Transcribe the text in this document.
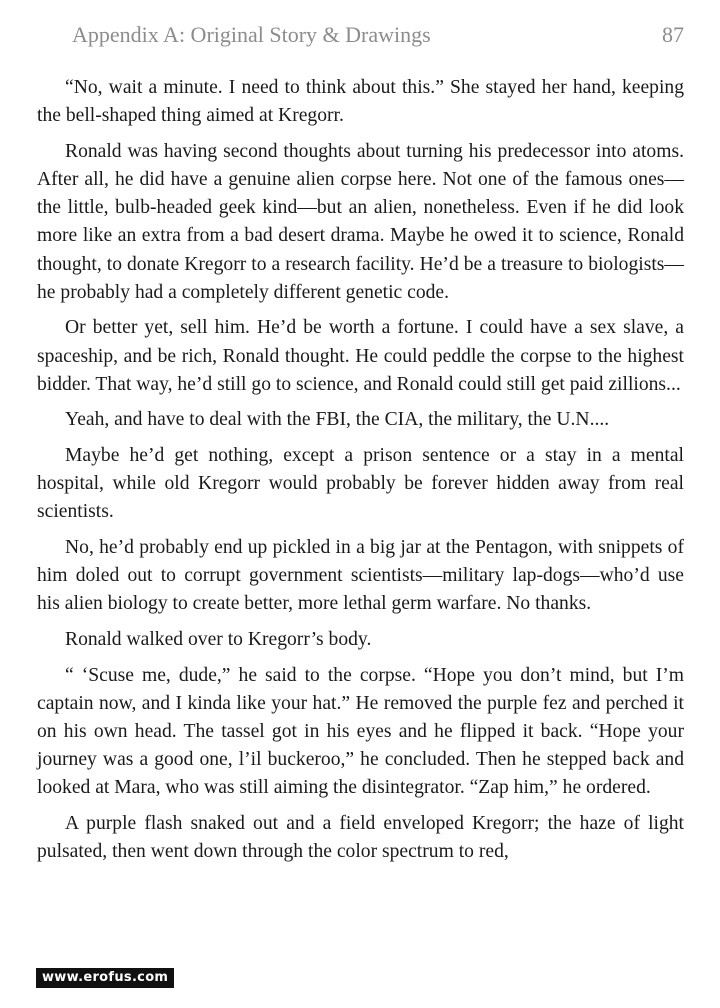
Appendix A: Original Story & Drawings	87

“No, wait a minute. I need to think about this.” She stayed her hand, keeping the bell-shaped thing aimed at Kregorr.

Ronald was having second thoughts about turning his predecessor into atoms. After all, he did have a genuine alien corpse here. Not one of the famous ones—the little, bulb-headed geek kind—but an alien, nonetheless. Even if he did look more like an extra from a bad desert drama. Maybe he owed it to science, Ronald thought, to donate Kregorr to a research facility. He’d be a treasure to biologists—he probably had a completely different genetic code.

Or better yet, sell him. He’d be worth a fortune. I could have a sex slave, a spaceship, and be rich, Ronald thought. He could peddle the corpse to the highest bidder. That way, he’d still go to science, and Ronald could still get paid zillions...

Yeah, and have to deal with the FBI, the CIA, the military, the U.N....

Maybe he’d get nothing, except a prison sentence or a stay in a mental hospital, while old Kregorr would probably be forever hidden away from real scientists.

No, he’d probably end up pickled in a big jar at the Pentagon, with snippets of him doled out to corrupt government scientists—military lap-dogs—who’d use his alien biology to create better, more lethal germ warfare. No thanks.

Ronald walked over to Kregorr’s body.

“ ‘Scuse me, dude,” he said to the corpse. “Hope you don’t mind, but I’m captain now, and I kinda like your hat.” He removed the purple fez and perched it on his own head. The tassel got in his eyes and he flipped it back. “Hope your journey was a good one, l’il buckeroo,” he concluded. Then he stepped back and looked at Mara, who was still aiming the disintegrator. “Zap him,” he ordered.

A purple flash snaked out and a field enveloped Kregorr; the haze of light pulsated, then went down through the color spectrum to red,

www.erofus.com
